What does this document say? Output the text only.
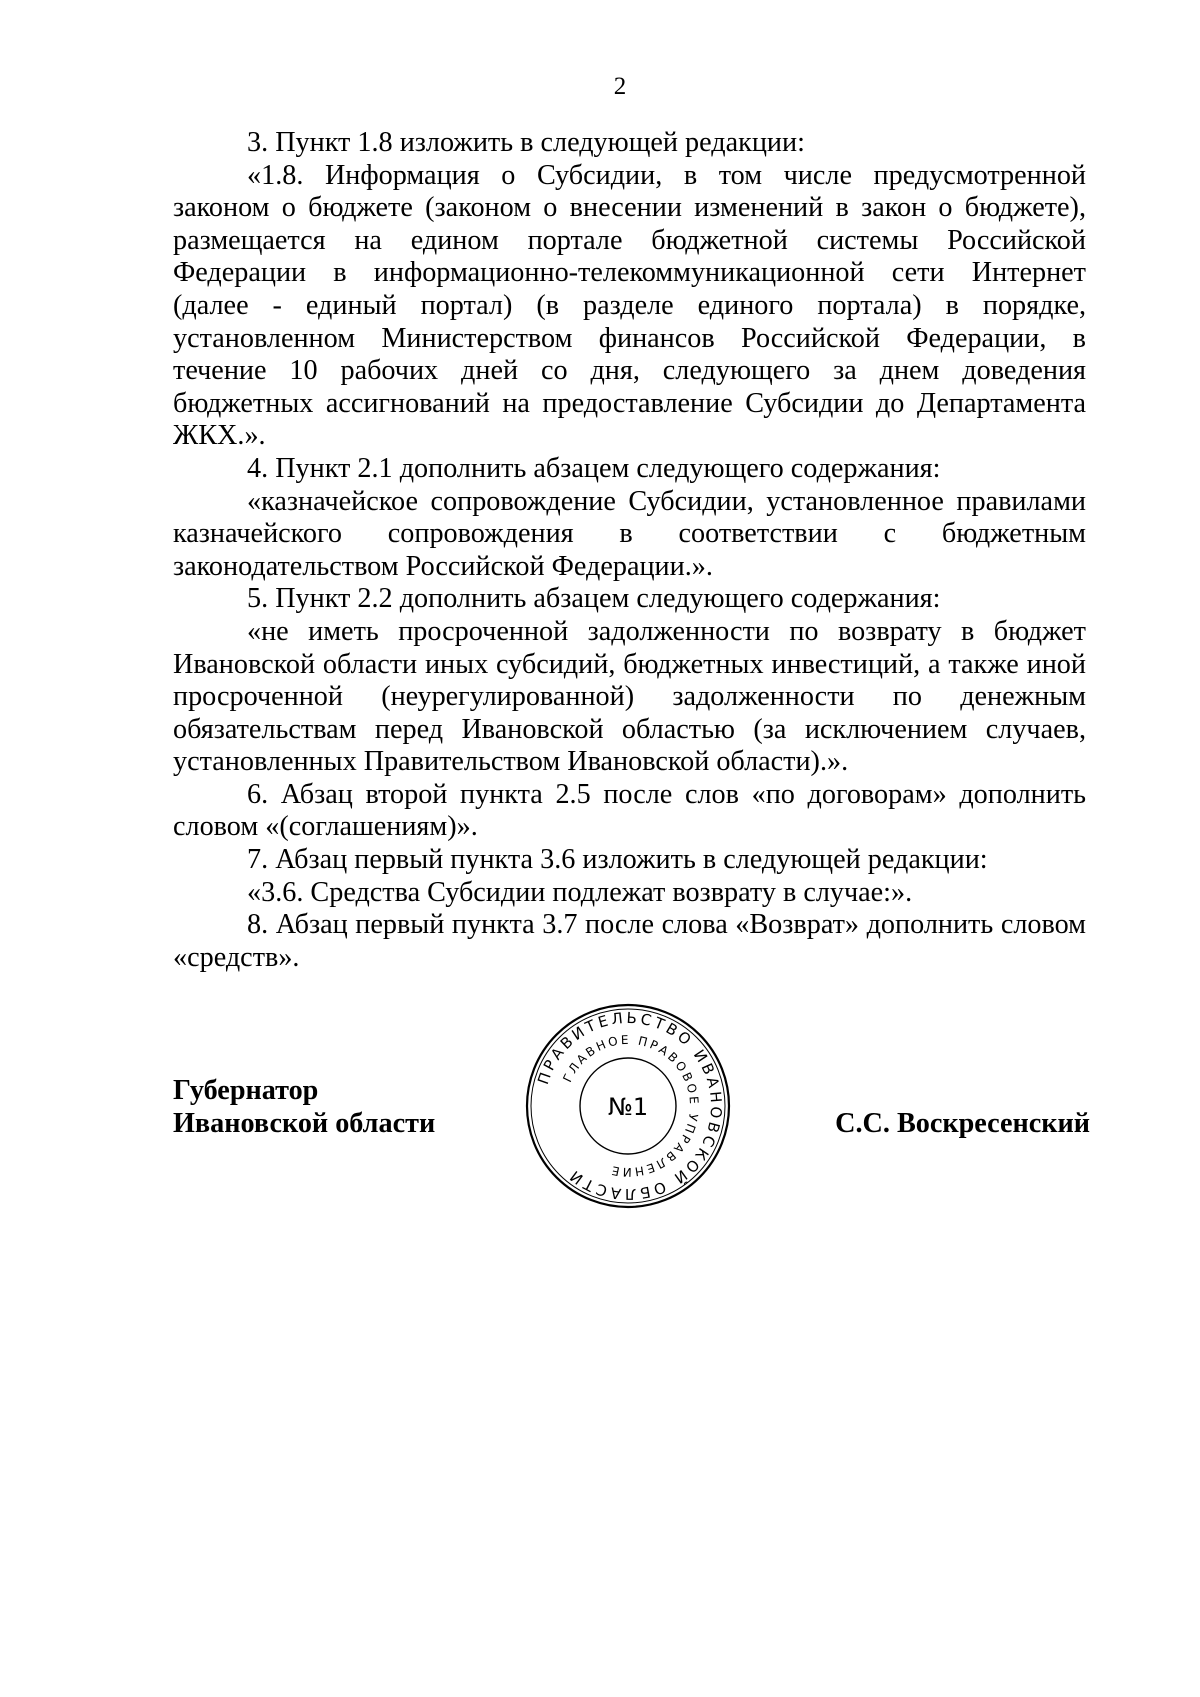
2

3. Пункт 1.8 изложить в следующей редакции:

«1.8. Информация о Субсидии, в том числе предусмотренной законом о бюджете (законом о внесении изменений в закон о бюджете), размещается на едином портале бюджетной системы Российской Федерации в информационно-телекоммуникационной сети Интернет (далее - единый портал) (в разделе единого портала) в порядке, установленном Министерством финансов Российской Федерации, в течение 10 рабочих дней со дня, следующего за днем доведения бюджетных ассигнований на предоставление Субсидии до Департамента ЖКХ.».

4. Пункт 2.1 дополнить абзацем следующего содержания:

«казначейское сопровождение Субсидии, установленное правилами казначейского сопровождения в соответствии с бюджетным законодательством Российской Федерации.».

5. Пункт 2.2 дополнить абзацем следующего содержания:

«не иметь просроченной задолженности по возврату в бюджет Ивановской области иных субсидий, бюджетных инвестиций, а также иной просроченной (неурегулированной) задолженности по денежным обязательствам перед Ивановской областью (за исключением случаев, установленных Правительством Ивановской области).».

6. Абзац второй пункта 2.5 после слов «по договорам» дополнить словом «(соглашениям)».

7. Абзац первый пункта 3.6 изложить в следующей редакции:

«3.6. Средства Субсидии подлежат возврату в случае:».

8. Абзац первый пункта 3.7 после слова «Возврат» дополнить словом «средств».

Губернатор
Ивановской области
ПРАВИТЕЛЬСТВО ИВАНОВСКОЙ ОБЛАСТИ
ГЛАВНОЕ ПРАВОВОЕ УПРАВЛЕНИЕ
№1
С.С. Воскресенский
